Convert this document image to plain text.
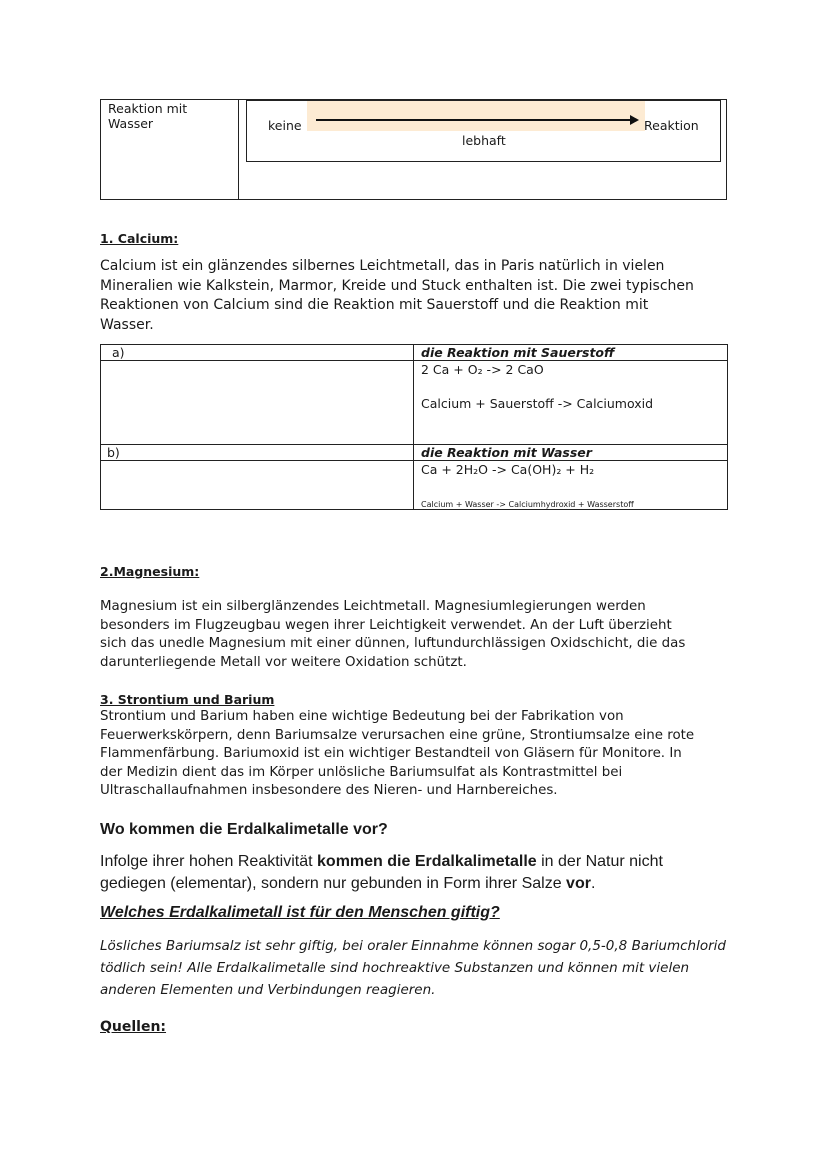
Reaktion mit
Wasser	keine	Reaktion
lebhaft
1. Calcium:
Calcium ist ein glänzendes silbernes Leichtmetall, das in Paris natürlich in vielen
Mineralien wie Kalkstein, Marmor, Kreide und Stuck enthalten ist. Die zwei typischen
Reaktionen von Calcium sind die Reaktion mit Sauerstoff und die Reaktion mit
Wasser.
a)	die Reaktion mit Sauerstoff
2 Ca + O₂ -> 2 CaO
Calcium + Sauerstoff -> Calciumoxid
b)	die Reaktion mit Wasser
Ca + 2H₂O -> Ca(OH)₂ + H₂
Calcium + Wasser -> Calciumhydroxid + Wasserstoff
2.Magnesium:
Magnesium ist ein silberglänzendes Leichtmetall. Magnesiumlegierungen werden
besonders im Flugzeugbau wegen ihrer Leichtigkeit verwendet. An der Luft überzieht
sich das unedle Magnesium mit einer dünnen, luftundurchlässigen Oxidschicht, die das
darunterliegende Metall vor weitere Oxidation schützt.
3. Strontium und Barium
Strontium und Barium haben eine wichtige Bedeutung bei der Fabrikation von
Feuerwerkskörpern, denn Bariumsalze verursachen eine grüne, Strontiumsalze eine rote
Flammenfärbung. Bariumoxid ist ein wichtiger Bestandteil von Gläsern für Monitore. In
der Medizin dient das im Körper unlösliche Bariumsulfat als Kontrastmittel bei
Ultraschallaufnahmen insbesondere des Nieren- und Harnbereiches.
Wo kommen die Erdalkalimetalle vor?
Infolge ihrer hohen Reaktivität kommen die Erdalkalimetalle in der Natur nicht
gediegen (elementar), sondern nur gebunden in Form ihrer Salze vor.
Welches Erdalkalimetall ist für den Menschen giftig?
Lösliches Bariumsalz ist sehr giftig, bei oraler Einnahme können sogar 0,5-0,8 Bariumchlorid
tödlich sein! Alle Erdalkalimetalle sind hochreaktive Substanzen und können mit vielen
anderen Elementen und Verbindungen reagieren.
Quellen:
